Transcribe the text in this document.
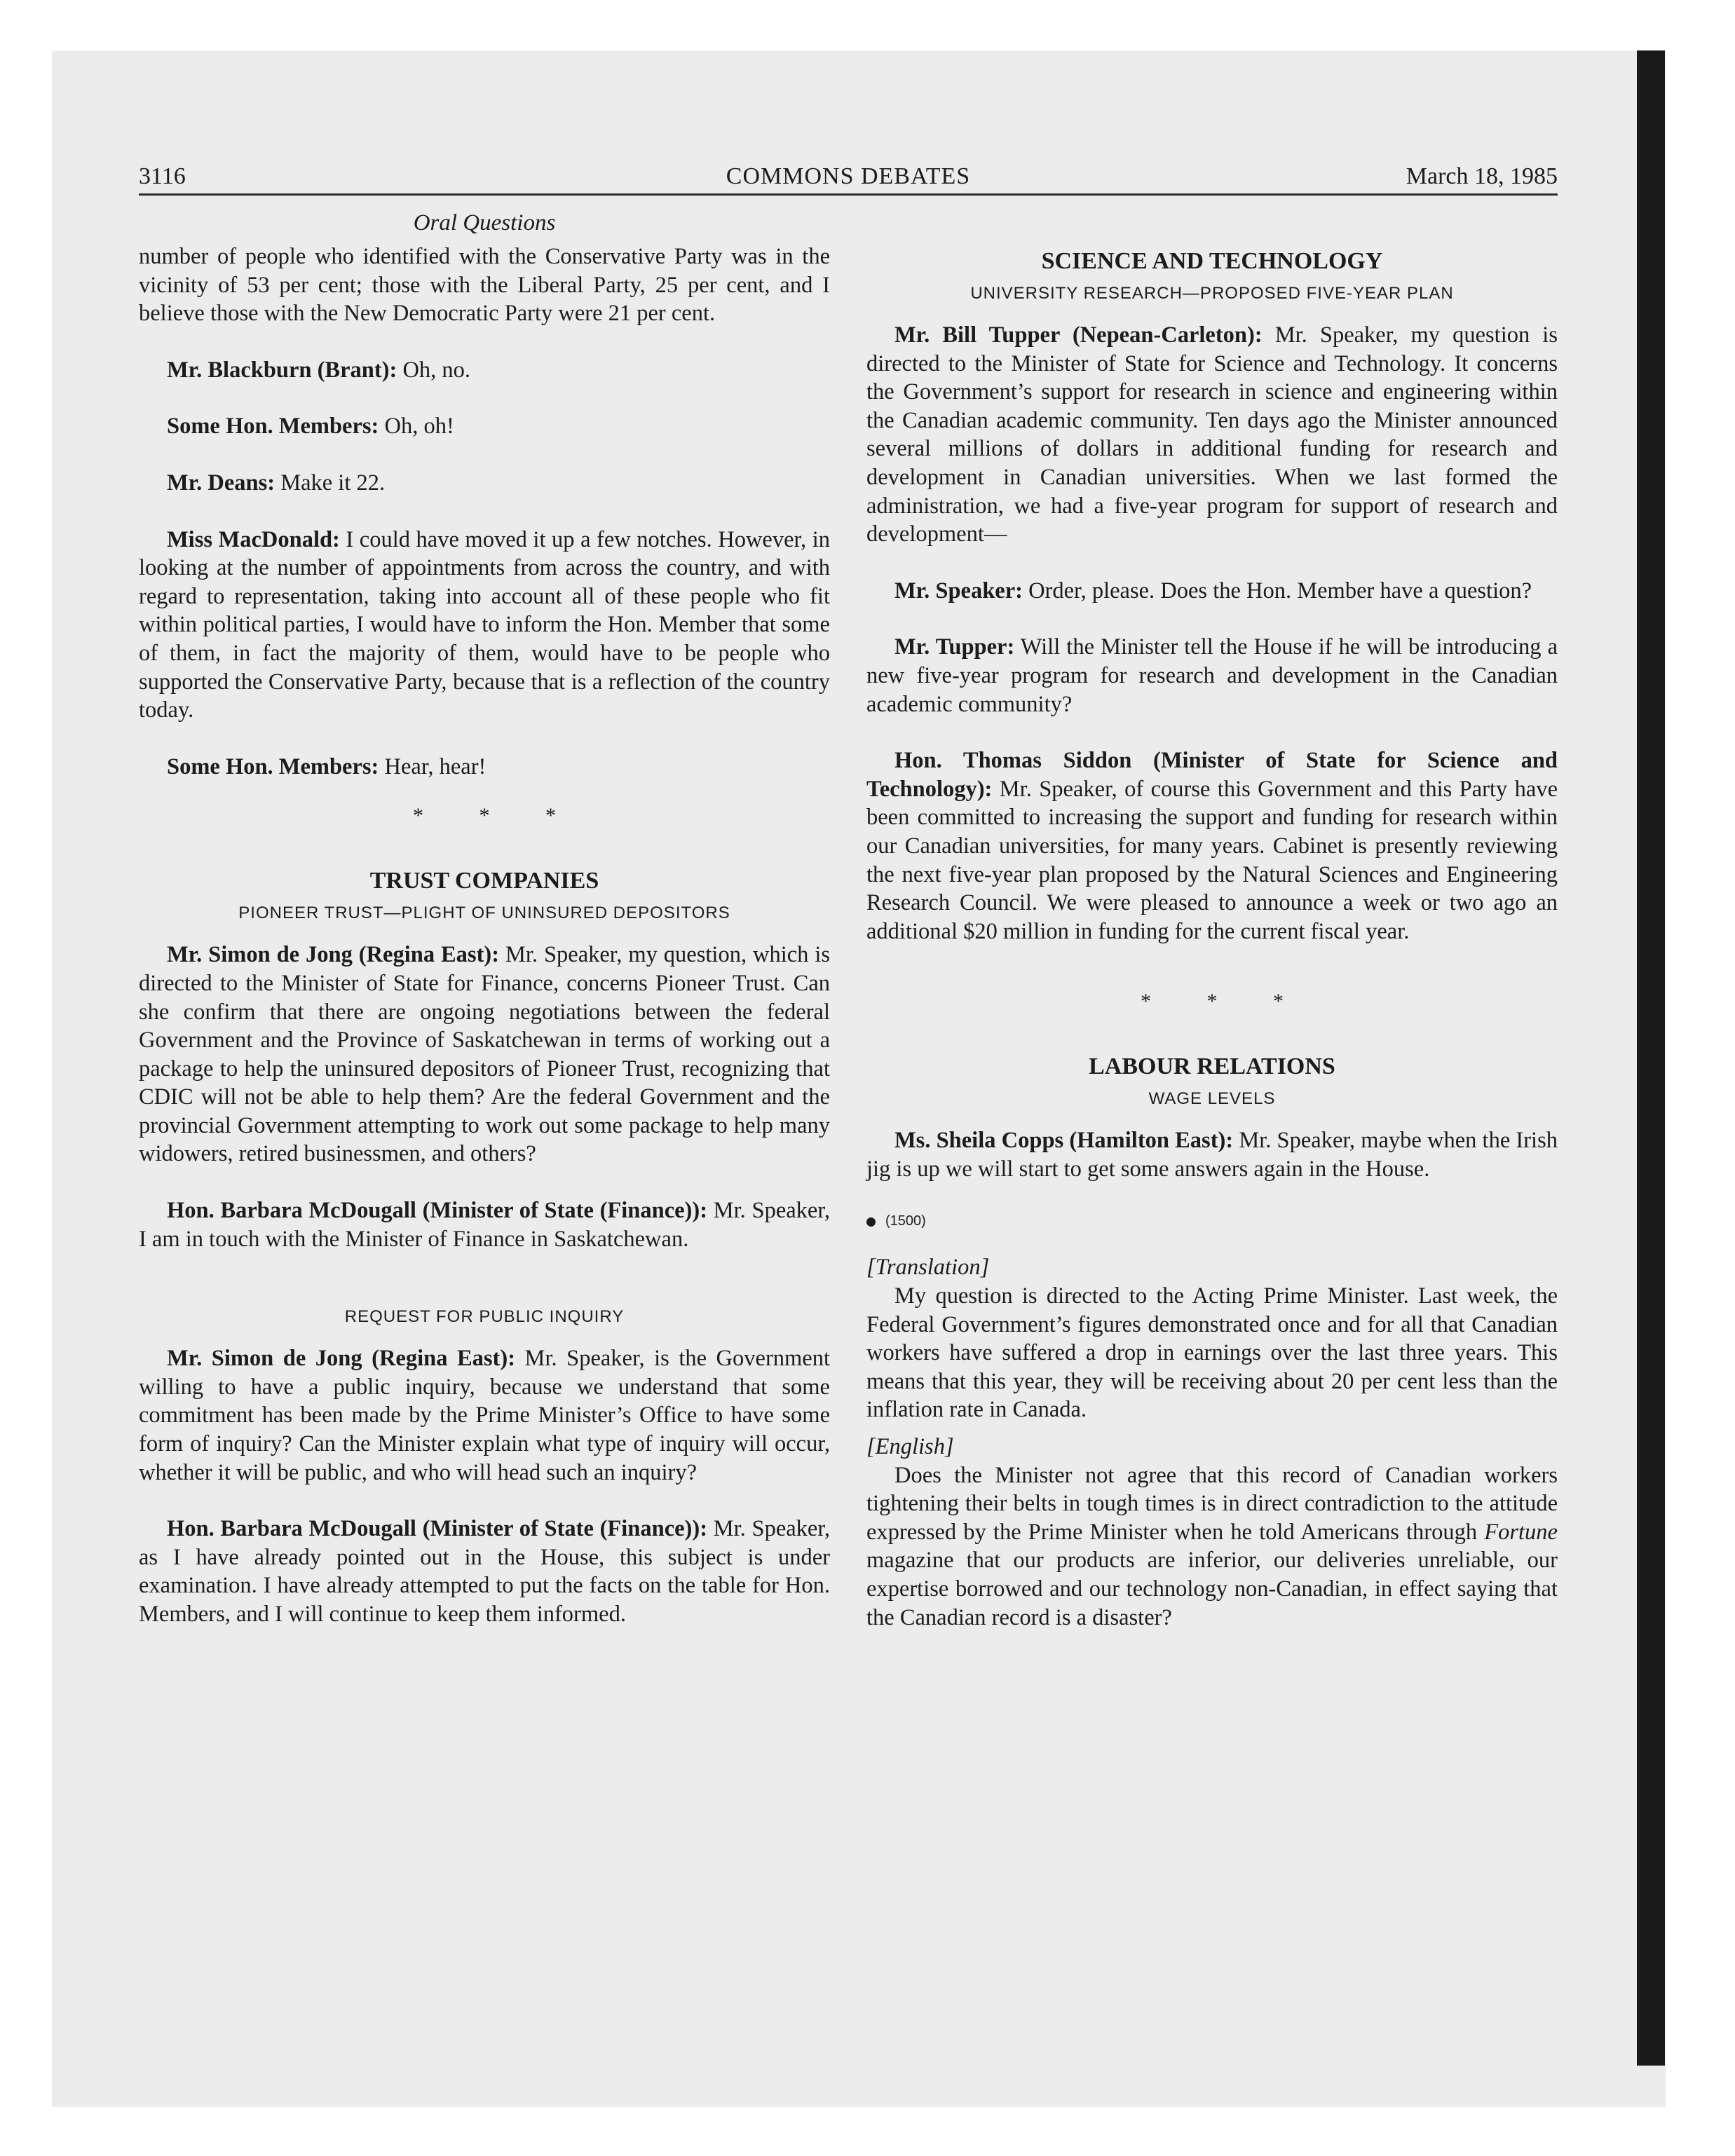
COMMONS DEBATES
3116	March 18, 1985
Oral Questions

number of people who identified with the Conservative Party was in the vicinity of 53 per cent; those with the Liberal Party, 25 per cent, and I believe those with the New Democratic Party were 21 per cent.

Mr. Blackburn (Brant): Oh, no.

Some Hon. Members: Oh, oh!

Mr. Deans: Make it 22.

Miss MacDonald: I could have moved it up a few notches. However, in looking at the number of appointments from across the country, and with regard to representation, taking into account all of these people who fit within political parties, I would have to inform the Hon. Member that some of them, in fact the majority of them, would have to be people who supported the Conservative Party, because that is a reflection of the country today.

Some Hon. Members: Hear, hear!

* * *
TRUST COMPANIES
PIONEER TRUST—PLIGHT OF UNINSURED DEPOSITORS

Mr. Simon de Jong (Regina East): Mr. Speaker, my question, which is directed to the Minister of State for Finance, concerns Pioneer Trust. Can she confirm that there are ongoing negotiations between the federal Government and the Province of Saskatchewan in terms of working out a package to help the uninsured depositors of Pioneer Trust, recognizing that CDIC will not be able to help them? Are the federal Government and the provincial Government attempting to work out some package to help many widowers, retired businessmen, and others?

Hon. Barbara McDougall (Minister of State (Finance)): Mr. Speaker, I am in touch with the Minister of Finance in Saskatchewan.

REQUEST FOR PUBLIC INQUIRY

Mr. Simon de Jong (Regina East): Mr. Speaker, is the Government willing to have a public inquiry, because we understand that some commitment has been made by the Prime Minister’s Office to have some form of inquiry? Can the Minister explain what type of inquiry will occur, whether it will be public, and who will head such an inquiry?

Hon. Barbara McDougall (Minister of State (Finance)): Mr. Speaker, as I have already pointed out in the House, this subject is under examination. I have already attempted to put the facts on the table for Hon. Members, and I will continue to keep them informed.

SCIENCE AND TECHNOLOGY
UNIVERSITY RESEARCH—PROPOSED FIVE-YEAR PLAN

Mr. Bill Tupper (Nepean-Carleton): Mr. Speaker, my question is directed to the Minister of State for Science and Technology. It concerns the Government’s support for research in science and engineering within the Canadian academic community. Ten days ago the Minister announced several millions of dollars in additional funding for research and development in Canadian universities. When we last formed the administration, we had a five-year program for support of research and development—

Mr. Speaker: Order, please. Does the Hon. Member have a question?

Mr. Tupper: Will the Minister tell the House if he will be introducing a new five-year program for research and development in the Canadian academic community?

Hon. Thomas Siddon (Minister of State for Science and Technology): Mr. Speaker, of course this Government and this Party have been committed to increasing the support and funding for research within our Canadian universities, for many years. Cabinet is presently reviewing the next five-year plan proposed by the Natural Sciences and Engineering Research Council. We were pleased to announce a week or two ago an additional $20 million in funding for the current fiscal year.

* * *
LABOUR RELATIONS
WAGE LEVELS

Ms. Sheila Copps (Hamilton East): Mr. Speaker, maybe when the Irish jig is up we will start to get some answers again in the House.

(1500)

[Translation]

My question is directed to the Acting Prime Minister. Last week, the Federal Government’s figures demonstrated once and for all that Canadian workers have suffered a drop in earnings over the last three years. This means that this year, they will be receiving about 20 per cent less than the inflation rate in Canada.

[English]

Does the Minister not agree that this record of Canadian workers tightening their belts in tough times is in direct contradiction to the attitude expressed by the Prime Minister when he told Americans through Fortune magazine that our products are inferior, our deliveries unreliable, our expertise borrowed and our technology non-Canadian, in effect saying that the Canadian record is a disaster?
